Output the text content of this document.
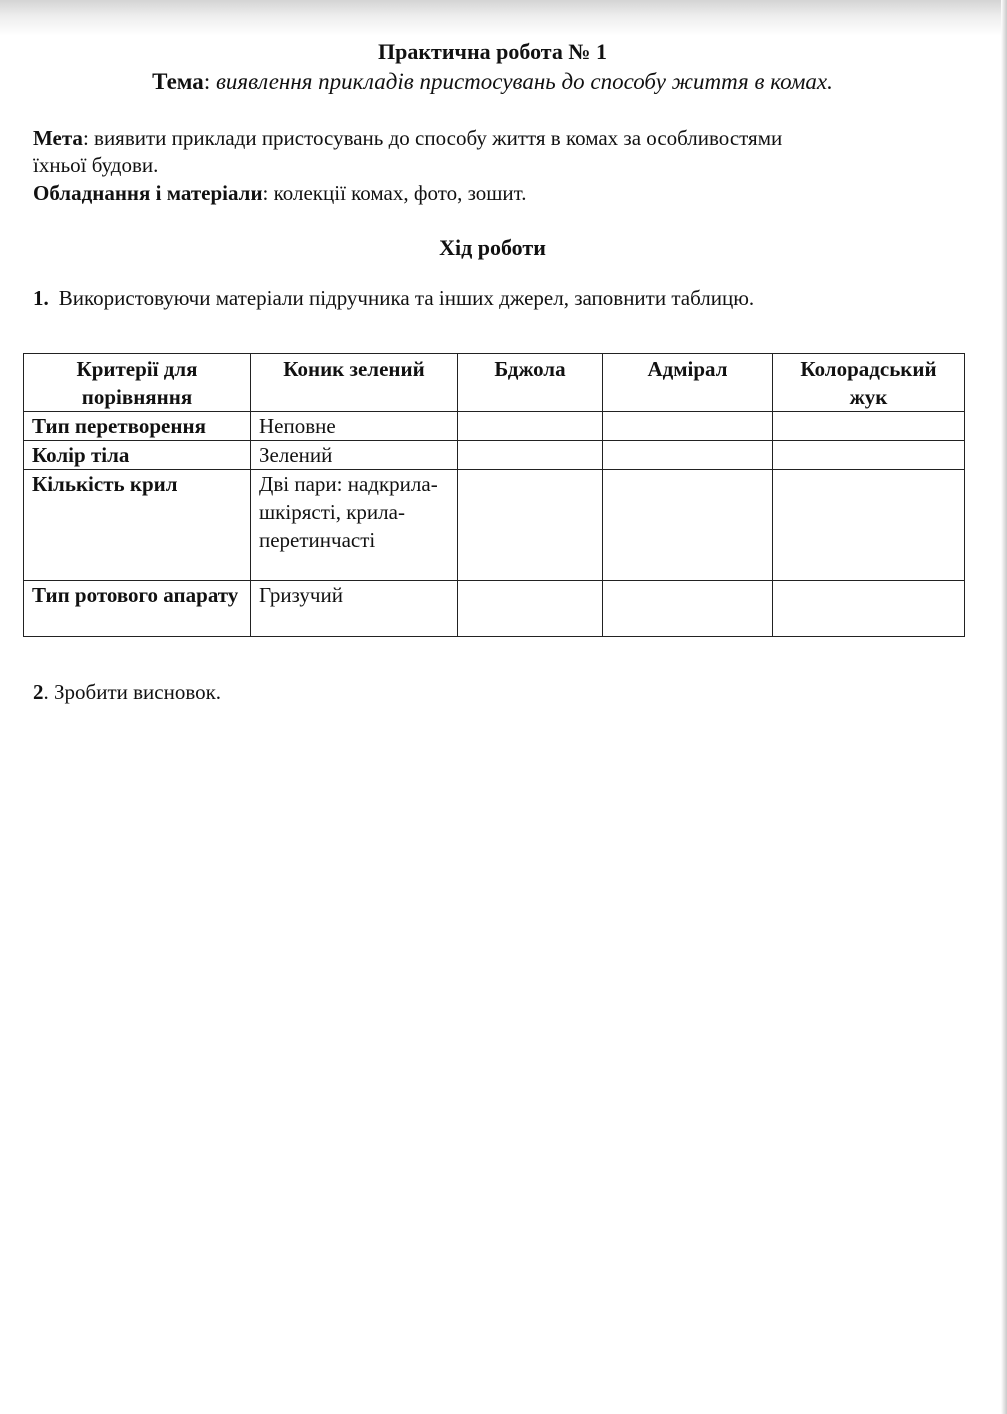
Практична робота № 1
Тема: виявлення прикладів пристосувань до способу життя в комах.
Мета: виявити приклади пристосувань до способу життя в комах за особливостями
їхньої будови.
Обладнання і матеріали: колекції комах, фото, зошит.
Хід роботи
1. Використовуючи матеріали підручника та інших джерел, заповнити таблицю.
Критерії для порівняння	Коник зелений	Бджола	Адмірал	Колорадський жук
Тип перетворення	Неповне			
Колір тіла	Зелений			
Кількість крил	Дві пари: надкрила-шкірясті, крила-перетинчасті			
Тип ротового апарату	Гризучий			
2. Зробити висновок.
